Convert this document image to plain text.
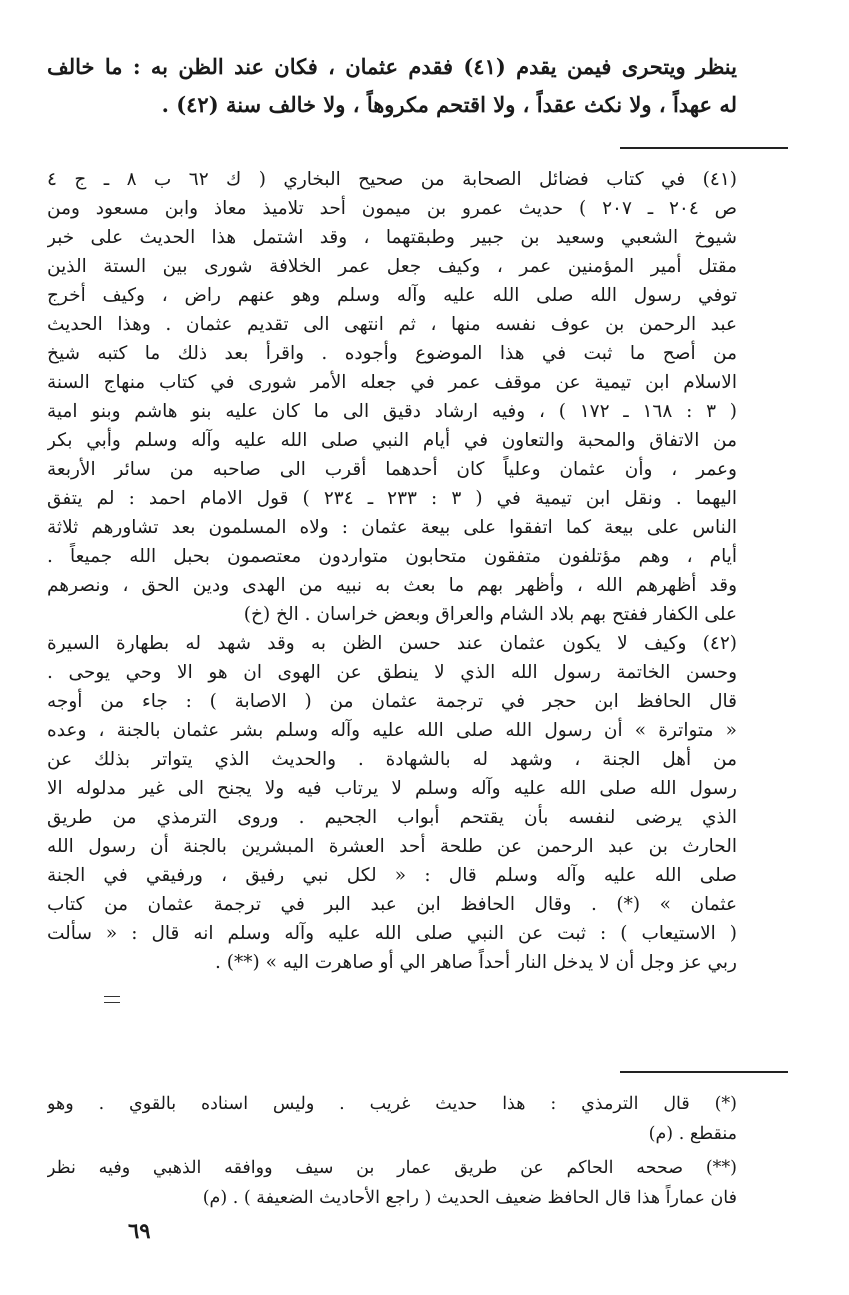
ينظر ويتحرى فيمن يقدم (٤١) فقدم عثمان ، فكان عند الظن به : ما خالف
له عهداً ، ولا نكث عقداً ، ولا اقتحم مكروهاً ، ولا خالف سنة (٤٢) .
(٤١) في كتاب فضائل الصحابة من صحيح البخاري ( ك ٦٢ ب ٨ ـ ج ٤
ص ٢٠٤ ـ ٢٠٧ ) حديث عمرو بن ميمون أحد تلاميذ معاذ وابن مسعود ومن
شيوخ الشعبي وسعيد بن جبير وطبقتهما ، وقد اشتمل هذا الحديث على خبر
مقتل أمير المؤمنين عمر ، وكيف جعل عمر الخلافة شورى بين الستة الذين
توفي رسول الله صلى الله عليه وآله وسلم وهو عنهم راض ، وكيف أخرج
عبد الرحمن بن عوف نفسه منها ، ثم انتهى الى تقديم عثمان . وهذا الحديث
من أصح ما ثبت في هذا الموضوع وأجوده . واقرأ بعد ذلك ما كتبه شيخ
الاسلام ابن تيمية عن موقف عمر في جعله الأمر شورى في كتاب منهاج السنة
( ٣ : ١٦٨ ـ ١٧٢ ) ، وفيه ارشاد دقيق الى ما كان عليه بنو هاشم وبنو امية
من الاتفاق والمحبة والتعاون في أيام النبي صلى الله عليه وآله وسلم وأبي بكر
وعمر ، وأن عثمان وعلياً كان أحدهما أقرب الى صاحبه من سائر الأربعة
اليهما . ونقل ابن تيمية في ( ٣ : ٢٣٣ ـ ٢٣٤ ) قول الامام احمد : لم يتفق
الناس على بيعة كما اتفقوا على بيعة عثمان : ولاه المسلمون بعد تشاورهم ثلاثة
أيام ، وهم مؤتلفون متفقون متحابون متواردون معتصمون بحبل الله جميعاً .
وقد أظهرهم الله ، وأظهر بهم ما بعث به نبيه من الهدى ودين الحق ، ونصرهم
على الكفار ففتح بهم بلاد الشام والعراق وبعض خراسان . الخ (خ)
(٤٢) وكيف لا يكون عثمان عند حسن الظن به وقد شهد له بطهارة السيرة
وحسن الخاتمة رسول الله الذي لا ينطق عن الهوى ان هو الا وحي يوحى .
قال الحافظ ابن حجر في ترجمة عثمان من ( الاصابة ) : جاء من أوجه
« متواترة » أن رسول الله صلى الله عليه وآله وسلم بشر عثمان بالجنة ، وعده
من أهل الجنة ، وشهد له بالشهادة . والحديث الذي يتواتر بذلك عن
رسول الله صلى الله عليه وآله وسلم لا يرتاب فيه ولا يجنح الى غير مدلوله الا
الذي يرضى لنفسه بأن يقتحم أبواب الجحيم . وروى الترمذي من طريق
الحارث بن عبد الرحمن عن طلحة أحد العشرة المبشرين بالجنة أن رسول الله
صلى الله عليه وآله وسلم قال : « لكل نبي رفيق ، ورفيقي في الجنة
عثمان » (*) . وقال الحافظ ابن عبد البر في ترجمة عثمان من كتاب
( الاستيعاب ) : ثبت عن النبي صلى الله عليه وآله وسلم انه قال : « سألت
ربي عز وجل أن لا يدخل النار أحداً صاهر الي أو صاهرت اليه » (**) .
(*) قال الترمذي : هذا حديث غريب . وليس اسناده بالقوي . وهو
منقطع . (م)
(**) صححه الحاكم عن طريق عمار بن سيف ووافقه الذهبي وفيه نظر
فان عماراً هذا قال الحافظ ضعيف الحديث ( راجع الأحاديث الضعيفة ) . (م)
٦٩
